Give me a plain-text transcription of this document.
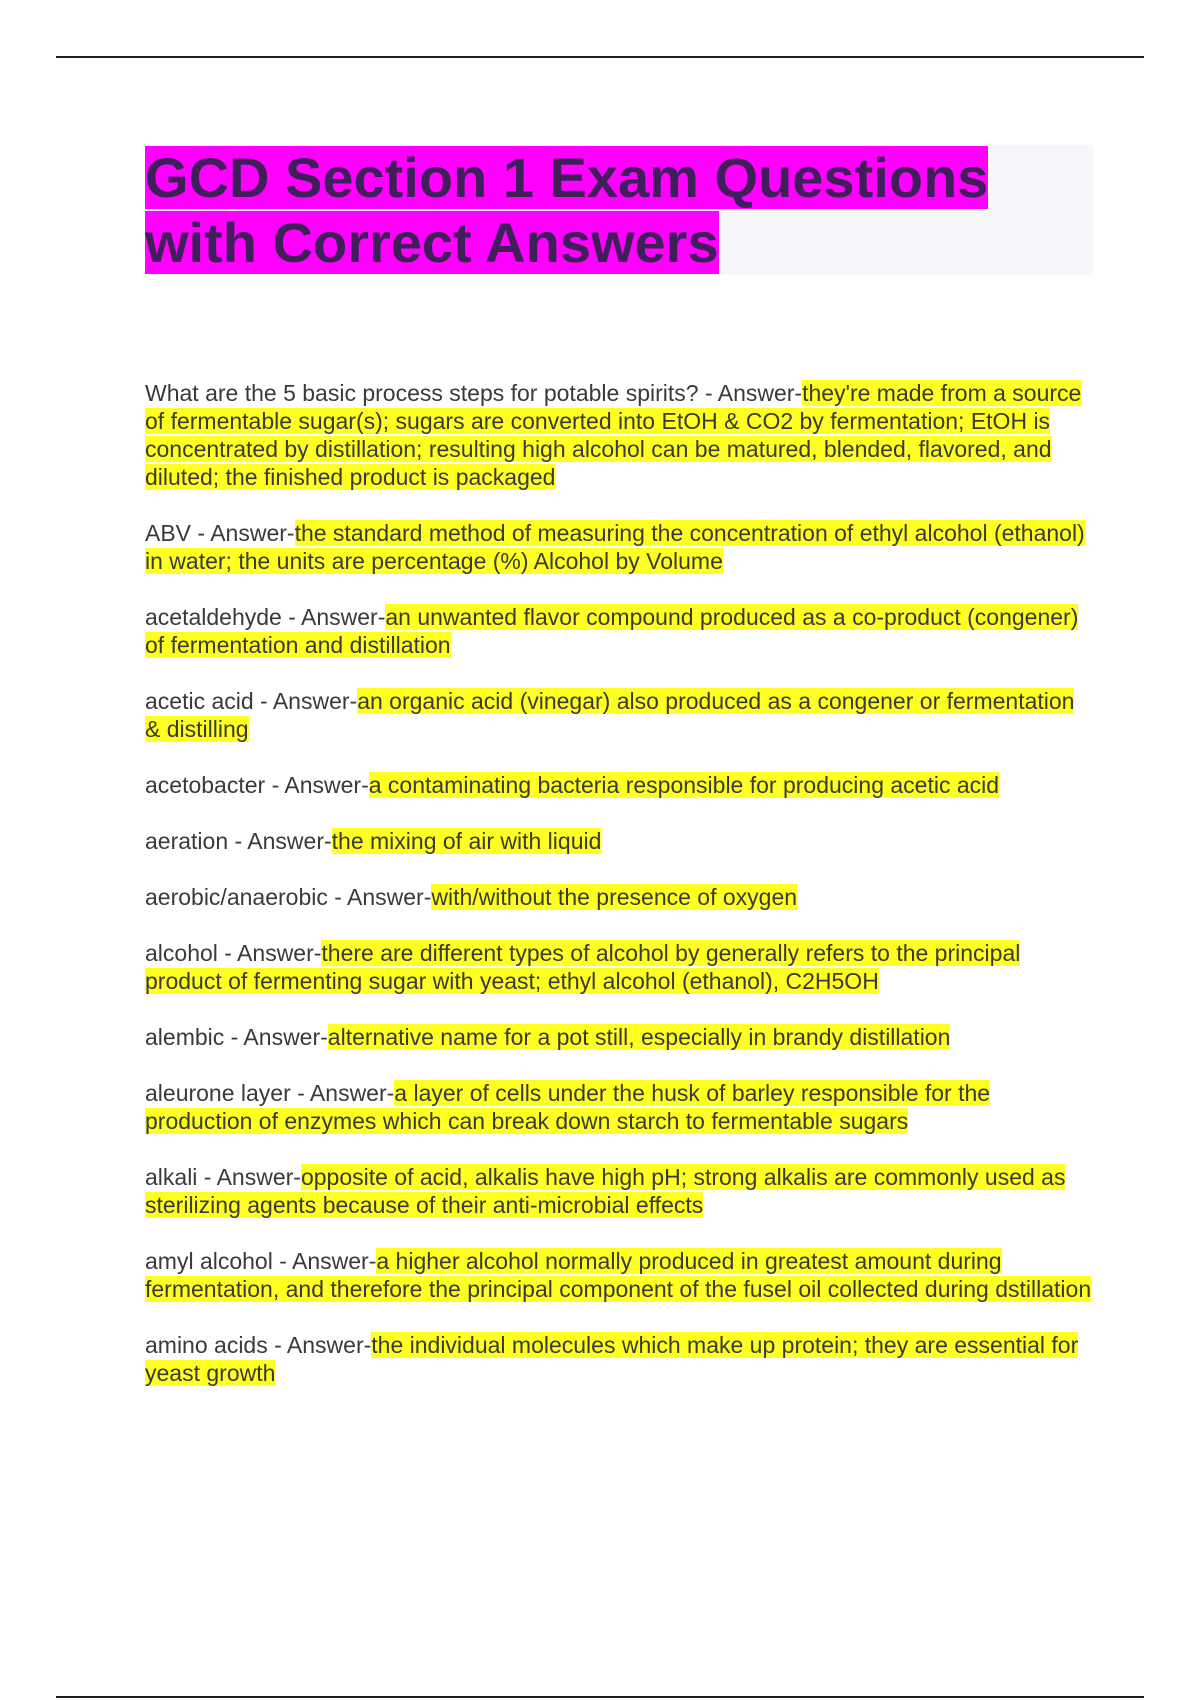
GCD Section 1 Exam Questions with Correct Answers

What are the 5 basic process steps for potable spirits? - Answer-they're made from a source of fermentable sugar(s); sugars are converted into EtOH & CO2 by fermentation; EtOH is concentrated by distillation; resulting high alcohol can be matured, blended, flavored, and diluted; the finished product is packaged

ABV - Answer-the standard method of measuring the concentration of ethyl alcohol (ethanol) in water; the units are percentage (%) Alcohol by Volume

acetaldehyde - Answer-an unwanted flavor compound produced as a co-product (congener) of fermentation and distillation

acetic acid - Answer-an organic acid (vinegar) also produced as a congener or fermentation & distilling

acetobacter - Answer-a contaminating bacteria responsible for producing acetic acid

aeration - Answer-the mixing of air with liquid

aerobic/anaerobic - Answer-with/without the presence of oxygen

alcohol - Answer-there are different types of alcohol by generally refers to the principal product of fermenting sugar with yeast; ethyl alcohol (ethanol), C2H5OH

alembic - Answer-alternative name for a pot still, especially in brandy distillation

aleurone layer - Answer-a layer of cells under the husk of barley responsible for the production of enzymes which can break down starch to fermentable sugars

alkali - Answer-opposite of acid, alkalis have high pH; strong alkalis are commonly used as sterilizing agents because of their anti-microbial effects

amyl alcohol - Answer-a higher alcohol normally produced in greatest amount during fermentation, and therefore the principal component of the fusel oil collected during dstillation

amino acids - Answer-the individual molecules which make up protein; they are essential for yeast growth
